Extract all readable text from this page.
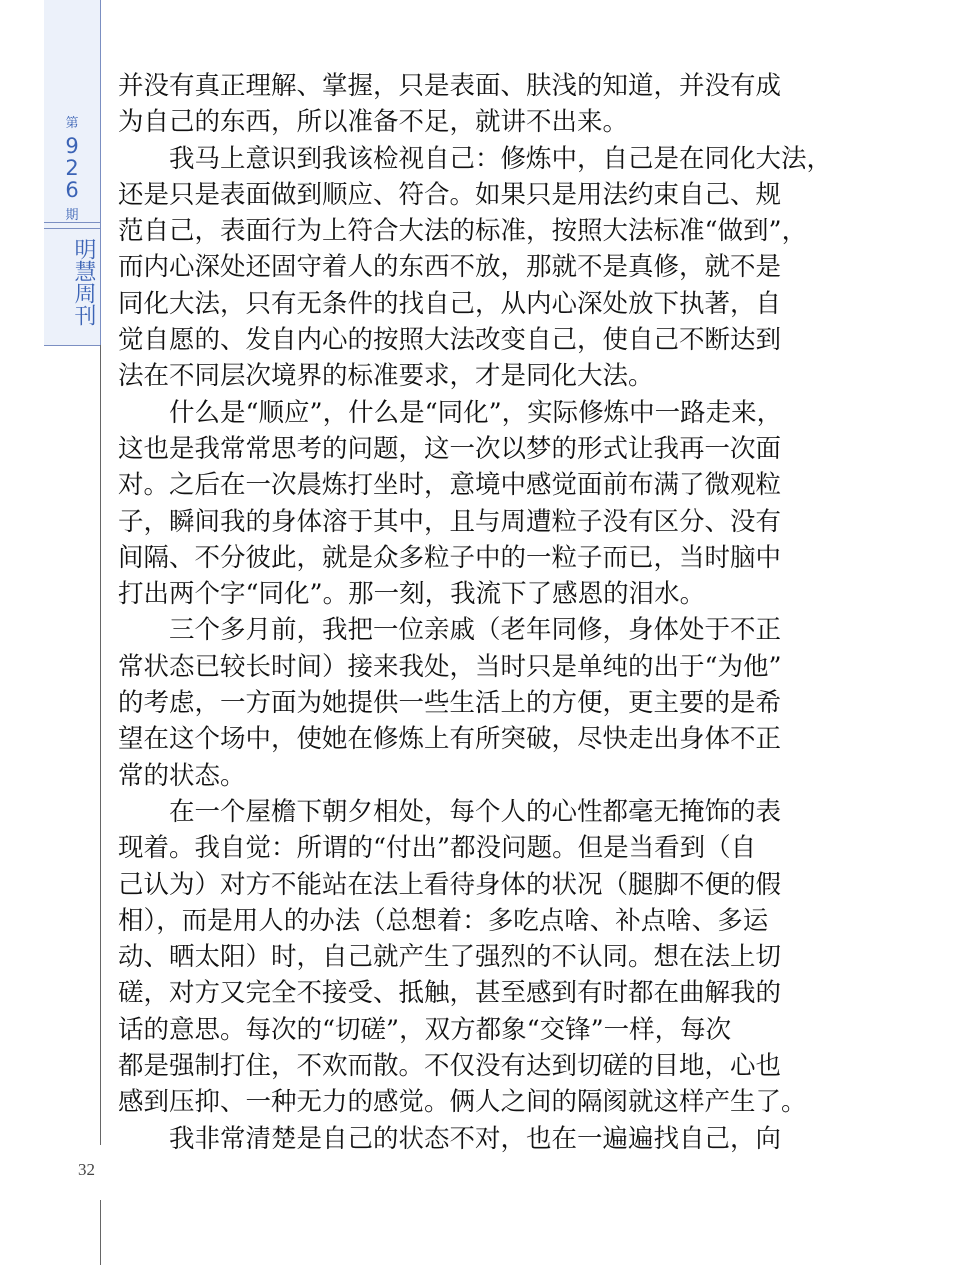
第
9
2
6
期
明慧周刊
32

并没有真正理解、掌握，只是表面、肤浅的知道，并没有成
为自己的东西，所以准备不足，就讲不出来。

　　我马上意识到我该检视自己：修炼中，自己是在同化大法，
还是只是表面做到顺应、符合。如果只是用法约束自己、规
范自己，表面行为上符合大法的标准，按照大法标准“做到”，
而内心深处还固守着人的东西不放，那就不是真修，就不是
同化大法，只有无条件的找自己，从内心深处放下执著，自
觉自愿的、发自内心的按照大法改变自己，使自己不断达到
法在不同层次境界的标准要求，才是同化大法。

　　什么是“顺应”，什么是“同化”，实际修炼中一路走来，
这也是我常常思考的问题，这一次以梦的形式让我再一次面
对。之后在一次晨炼打坐时，意境中感觉面前布满了微观粒
子，瞬间我的身体溶于其中，且与周遭粒子没有区分、没有
间隔、不分彼此，就是众多粒子中的一粒子而已，当时脑中
打出两个字“同化”。那一刻，我流下了感恩的泪水。

　　三个多月前，我把一位亲戚（老年同修，身体处于不正
常状态已较长时间）接来我处，当时只是单纯的出于“为他”
的考虑，一方面为她提供一些生活上的方便，更主要的是希
望在这个场中，使她在修炼上有所突破，尽快走出身体不正
常的状态。

　　在一个屋檐下朝夕相处，每个人的心性都毫无掩饰的表
现着。我自觉：所谓的“付出”都没问题。但是当看到（自
己认为）对方不能站在法上看待身体的状况（腿脚不便的假
相），而是用人的办法（总想着：多吃点啥、补点啥、多运
动、晒太阳）时，自己就产生了强烈的不认同。想在法上切
磋，对方又完全不接受、抵触，甚至感到有时都在曲解我的
话的意思。每次的“切磋”，双方都象“交锋”一样，每次
都是强制打住，不欢而散。不仅没有达到切磋的目地，心也
感到压抑、一种无力的感觉。俩人之间的隔阂就这样产生了。

　　我非常清楚是自己的状态不对，也在一遍遍找自己，向
